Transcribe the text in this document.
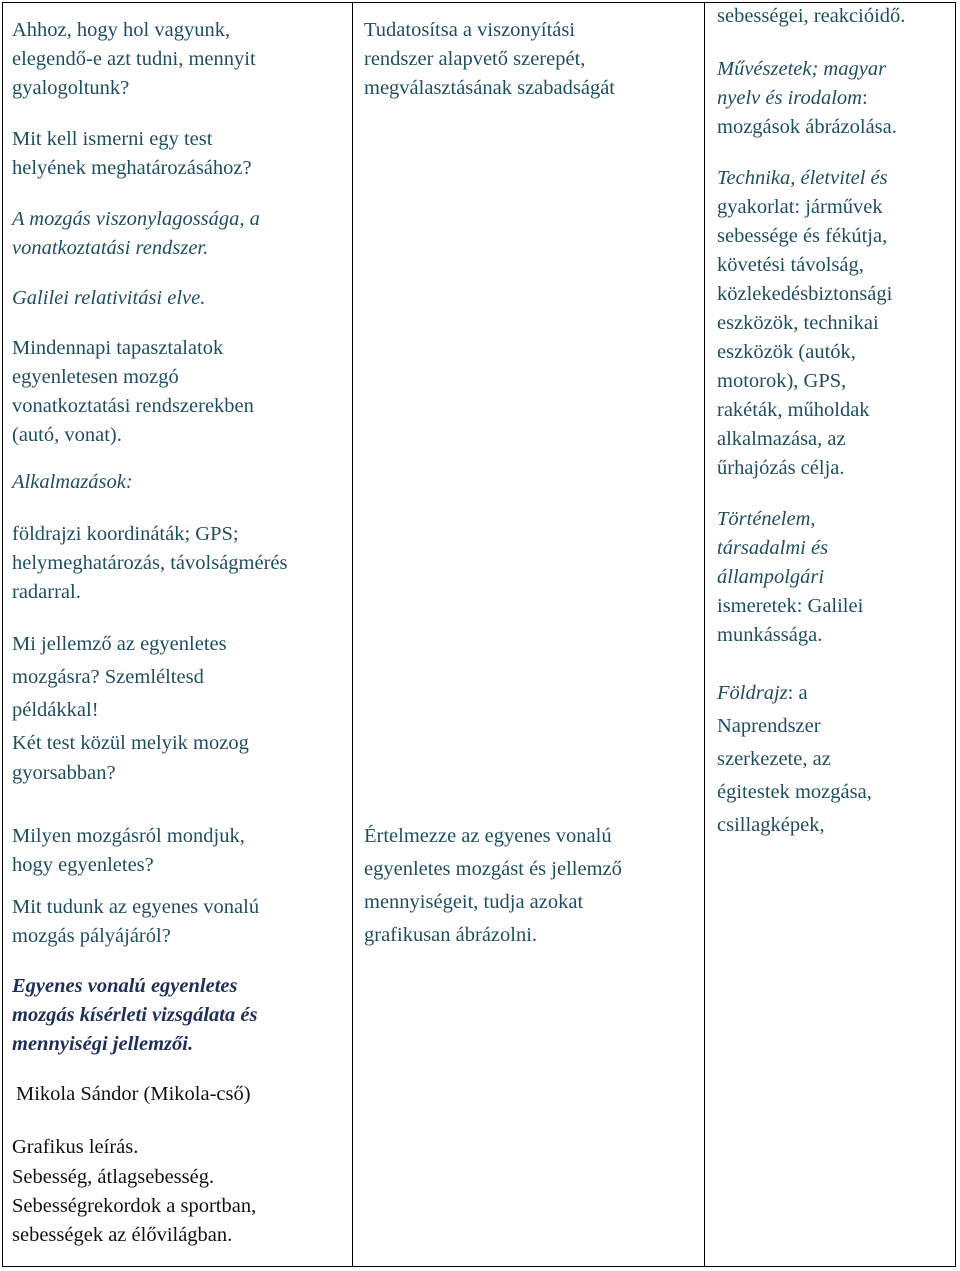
Ahhoz, hogy hol vagyunk,
elegendő-e azt tudni, mennyit
gyalogoltunk?
Mit kell ismerni egy test
helyének meghatározásához?
A mozgás viszonylagossága, a
vonatkoztatási rendszer.
Galilei relativitási elve.
Mindennapi tapasztalatok
egyenletesen mozgó
vonatkoztatási rendszerekben
(autó, vonat).
Alkalmazások:
földrajzi koordináták; GPS;
helymeghatározás, távolságmérés
radarral.
Mi jellemző az egyenletes
mozgásra? Szemléltesd
példákkal!
Két test közül melyik mozog
gyorsabban?
Milyen mozgásról mondjuk,
hogy egyenletes?
Mit tudunk az egyenes vonalú
mozgás pályájáról?
Egyenes vonalú egyenletes
mozgás kísérleti vizsgálata és
mennyiségi jellemzői.
Mikola Sándor (Mikola-cső)
Grafikus leírás.
Sebesség, átlagsebesség.
Sebességrekordok a sportban,
sebességek az élővilágban.
Tudatosítsa a viszonyítási
rendszer alapvető szerepét,
megválasztásának szabadságát
Értelmezze az egyenes vonalú
egyenletes mozgást és jellemző
mennyiségeit, tudja azokat
grafikusan ábrázolni.
sebességei, reakcióidő.
Művészetek; magyar
nyelv és irodalom:
mozgások ábrázolása.
Technika, életvitel és
gyakorlat: járművek
sebessége és fékútja,
követési távolság,
közlekedésbiztonsági
eszközök, technikai
eszközök (autók,
motorok), GPS,
rakéták, műholdak
alkalmazása, az
űrhajózás célja.
Történelem,
társadalmi és
állampolgári
ismeretek: Galilei
munkássága.
Földrajz: a
Naprendszer
szerkezete, az
égitestek mozgása,
csillagképek,
